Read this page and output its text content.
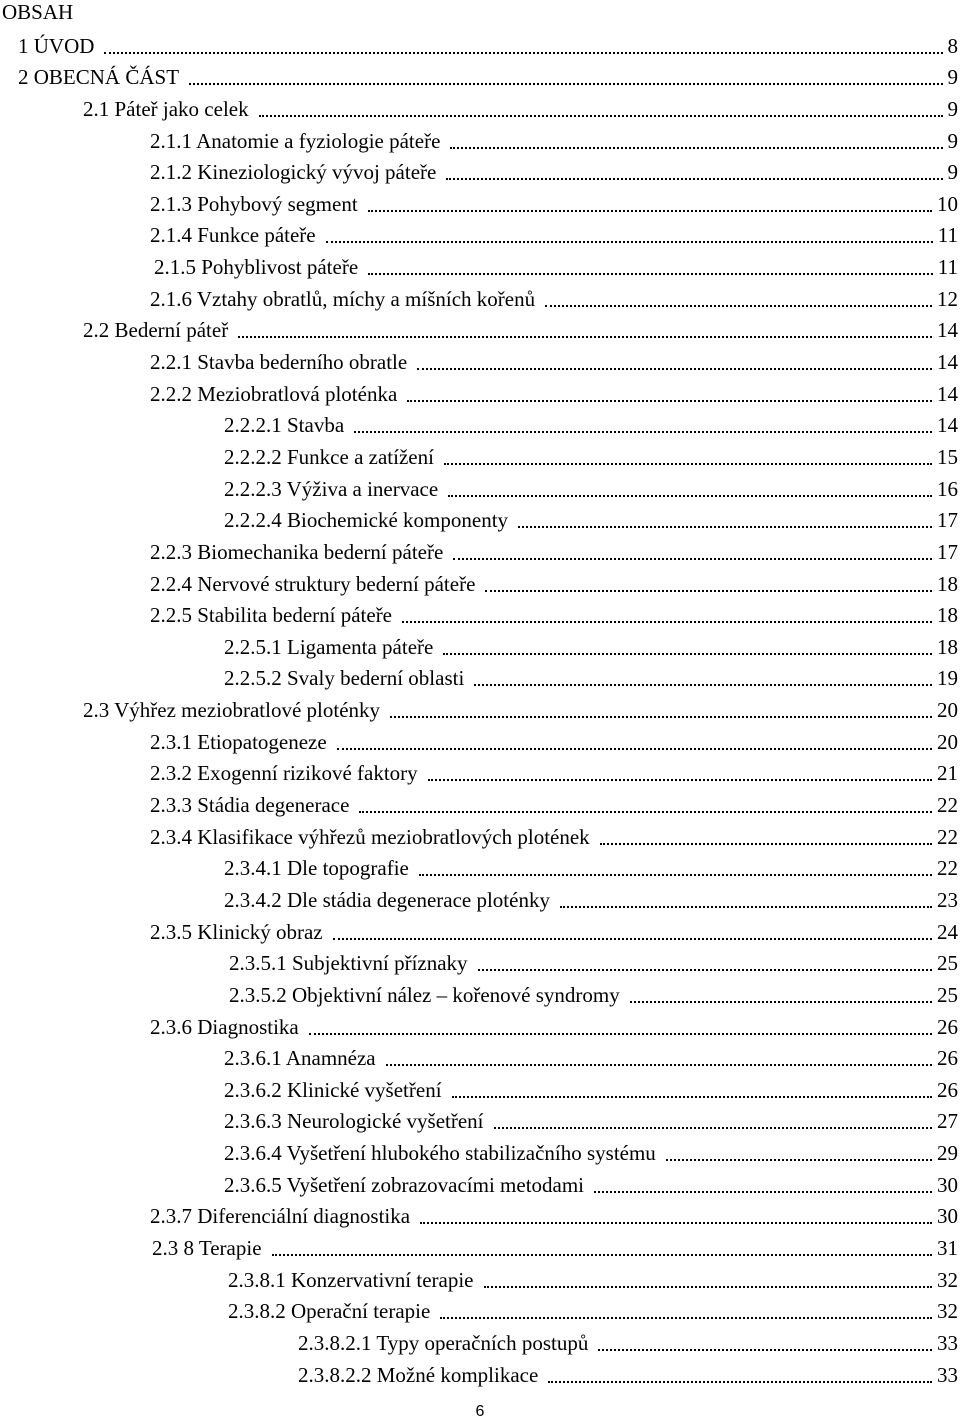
OBSAH
1 ÚVOD	8
2 OBECNÁ ČÁST	9
2.1 Páteř jako celek	9
2.1.1 Anatomie a fyziologie páteře	9
2.1.2 Kineziologický vývoj páteře	9
2.1.3 Pohybový segment	10
2.1.4 Funkce páteře	11
2.1.5 Pohyblivost páteře	11
2.1.6 Vztahy obratlů, míchy a míšních kořenů	12
2.2 Bederní páteř	14
2.2.1 Stavba bederního obratle	14
2.2.2 Meziobratlová ploténka	14
2.2.2.1 Stavba	14
2.2.2.2 Funkce a zatížení	15
2.2.2.3 Výživa a inervace	16
2.2.2.4 Biochemické komponenty	17
2.2.3 Biomechanika bederní páteře	17
2.2.4 Nervové struktury bederní páteře	18
2.2.5 Stabilita bederní páteře	18
2.2.5.1 Ligamenta páteře	18
2.2.5.2 Svaly bederní oblasti	19
2.3 Výhřez meziobratlové ploténky	20
2.3.1 Etiopatogeneze	20
2.3.2 Exogenní rizikové faktory	21
2.3.3 Stádia degenerace	22
2.3.4 Klasifikace výhřezů meziobratlových plotének	22
2.3.4.1 Dle topografie	22
2.3.4.2 Dle stádia degenerace ploténky	23
2.3.5 Klinický obraz	24
2.3.5.1 Subjektivní příznaky	25
2.3.5.2 Objektivní nález – kořenové syndromy	25
2.3.6 Diagnostika	26
2.3.6.1 Anamnéza	26
2.3.6.2 Klinické vyšetření	26
2.3.6.3 Neurologické vyšetření	27
2.3.6.4 Vyšetření hlubokého stabilizačního systému	29
2.3.6.5 Vyšetření zobrazovacími metodami	30
2.3.7 Diferenciální diagnostika	30
2.3 8 Terapie	31
2.3.8.1 Konzervativní terapie	32
2.3.8.2 Operační terapie	32
2.3.8.2.1 Typy operačních postupů	33
2.3.8.2.2 Možné komplikace	33
6
